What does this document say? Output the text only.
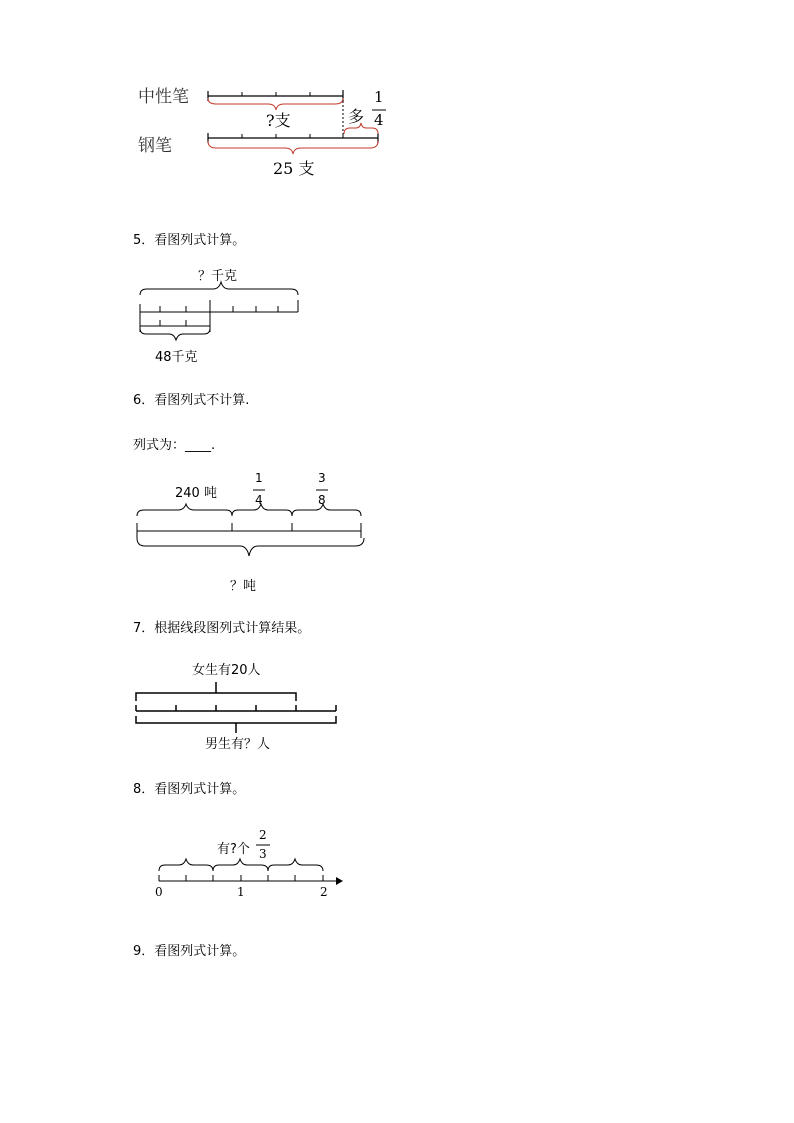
中性笔
钢笔
?支	多
1
4
25 支
5．看图列式计算。
？千克
48千克
6．看图列式不计算.
列式为：____.
240 吨
1
4
3
8
？吨
7．根据线段图列式计算结果。
女生有20人
男生有？人
8．看图列式计算。
有?个
2
3
0	1	2
9．看图列式计算。
